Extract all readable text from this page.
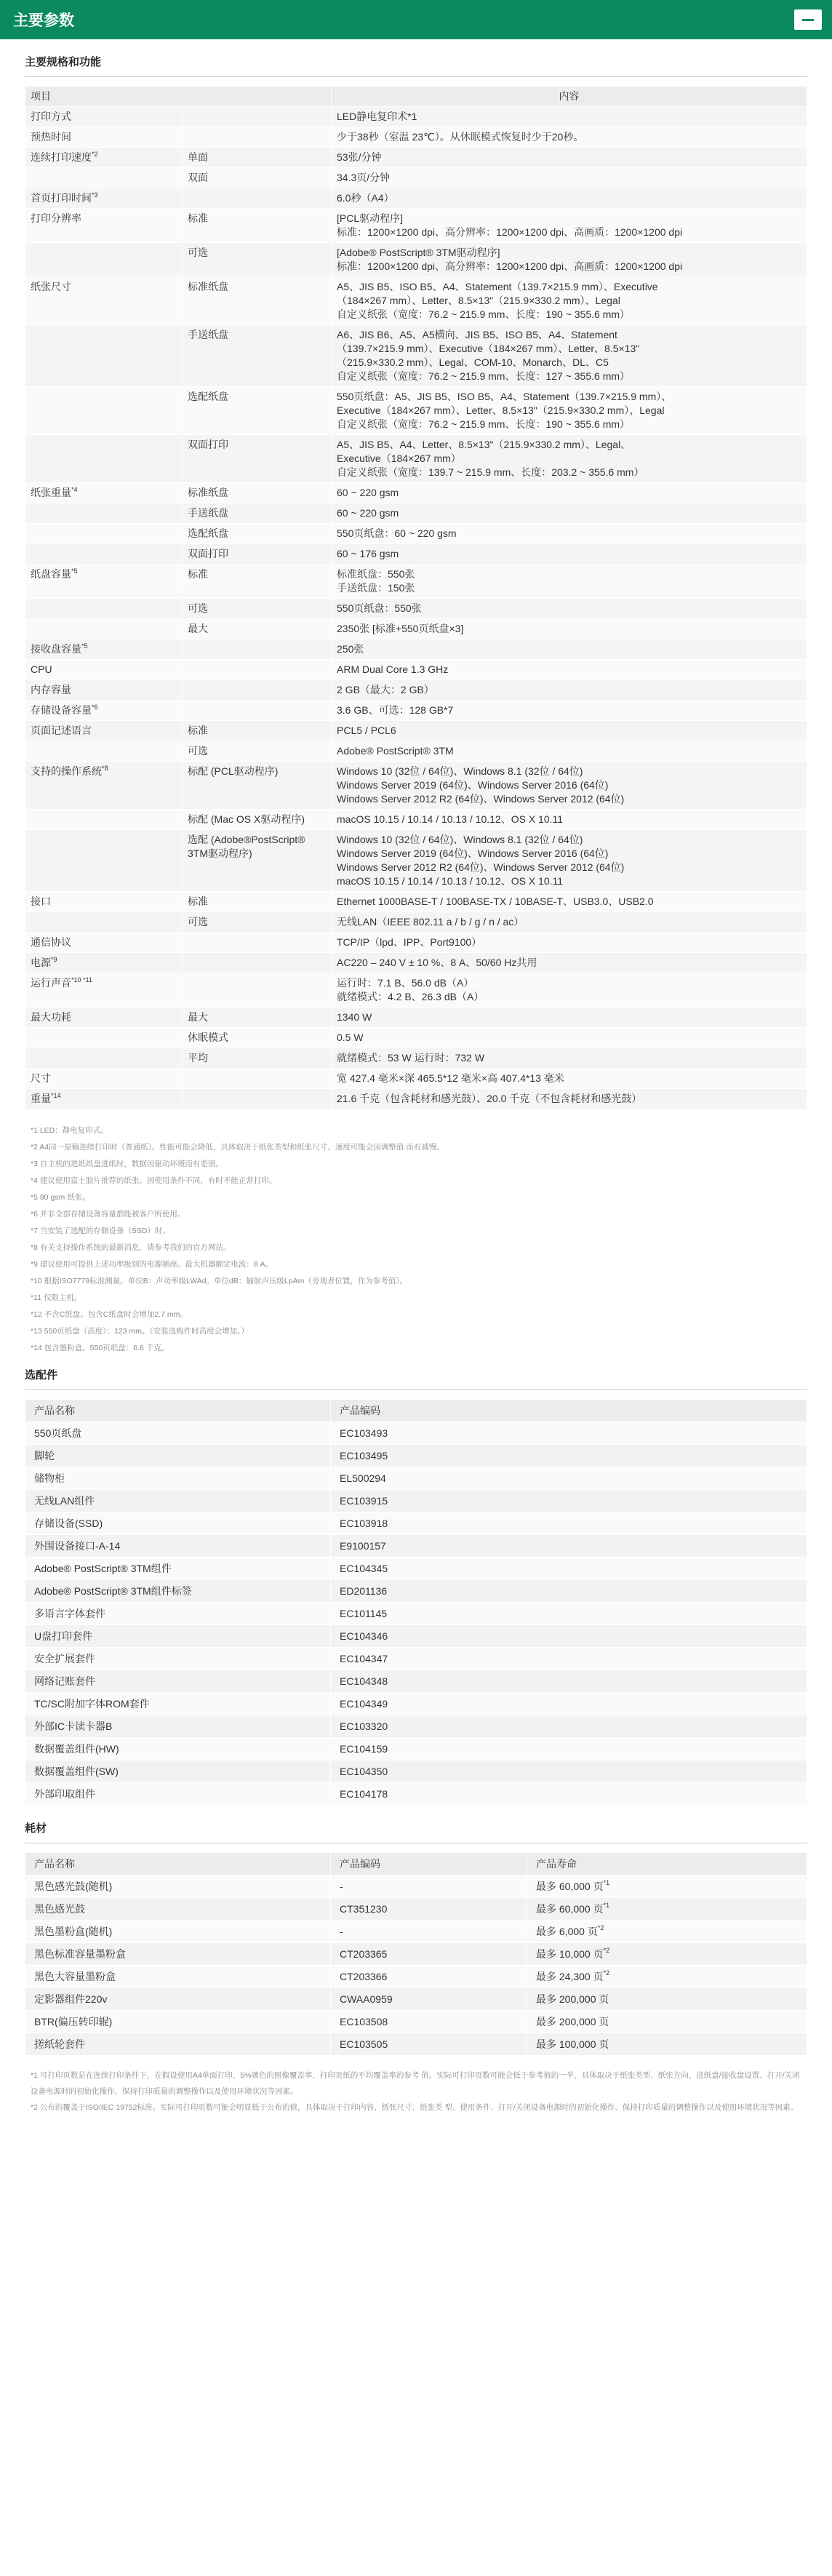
主要参数
主要规格和功能
项目		内容
打印方式		LED静电复印术*1

预热时间		少于38秒（室温 23℃）。从休眠模式恢复时少于20秒。

连续打印速度$^{*2}$	单面	53张/分钟

	双面	34.3页/分钟

首页打印时间$^{*3}$		6.0秒（A4）

打印分辨率	标准	[PCL驱动程序]
标准：1200×1200 dpi、高分辨率：1200×1200 dpi、高画质：1200×1200 dpi

	可选	[Adobe® PostScript® 3TM驱动程序]
标准：1200×1200 dpi、高分辨率：1200×1200 dpi、高画质：1200×1200 dpi

纸张尺寸	标准纸盘	A5、JIS B5、ISO B5、A4、Statement（139.7×215.9 mm）、Executive
（184×267 mm）、Letter、8.5×13"（215.9×330.2 mm）、Legal
自定义纸张（宽度：76.2 ~ 215.9 mm、长度：190 ~ 355.6 mm）

	手送纸盘	A6、JIS B6、A5、A5横向、JIS B5、ISO B5、A4、Statement
（139.7×215.9 mm）、Executive（184×267 mm）、Letter、8.5×13"
（215.9×330.2 mm）、Legal、COM-10、Monarch、DL、C5
自定义纸张（宽度：76.2 ~ 215.9 mm、长度：127 ~ 355.6 mm）

	选配纸盘	550页纸盘：A5、JIS B5、ISO B5、A4、Statement（139.7×215.9 mm）、
Executive（184×267 mm）、Letter、8.5×13"（215.9×330.2 mm）、Legal
自定义纸张（宽度：76.2 ~ 215.9 mm、长度：190 ~ 355.6 mm）

	双面打印	A5、JIS B5、A4、Letter、8.5×13"（215.9×330.2 mm）、Legal、
Executive（184×267 mm）
自定义纸张（宽度：139.7 ~ 215.9 mm、长度：203.2 ~ 355.6 mm）

纸张重量$^{*4}$	标准纸盘	60 ~ 220 gsm

	手送纸盘	60 ~ 220 gsm

	选配纸盘	550页纸盘：60 ~ 220 gsm

	双面打印	60 ~ 176 gsm

纸盘容量$^{*5}$	标准	标准纸盘：550张
手送纸盘：150张

	可选	550页纸盘：550张

	最大	2350张 [标准+550页纸盘×3]

接收盘容量$^{*5}$		250张

CPU		ARM Dual Core 1.3 GHz

内存容量		2 GB（最大：2 GB）

存储设备容量$^{*6}$		3.6 GB、可选：128 GB*7

页面记述语言	标准	PCL5 / PCL6

	可选	Adobe® PostScript® 3TM

支持的操作系统$^{*8}$	标配 (PCL驱动程序)	Windows 10 (32位 / 64位)、Windows 8.1 (32位 / 64位)
Windows Server 2019 (64位)、Windows Server 2016 (64位)
Windows Server 2012 R2 (64位)、Windows Server 2012 (64位)

	标配 (Mac OS X驱动程序)	macOS 10.15 / 10.14 / 10.13 / 10.12、OS X 10.11

	选配 (Adobe®PostScript® 3TM驱动程序)	Windows 10 (32位 / 64位)、Windows 8.1 (32位 / 64位)
Windows Server 2019 (64位)、Windows Server 2016 (64位)
Windows Server 2012 R2 (64位)、Windows Server 2012 (64位)
macOS 10.15 / 10.14 / 10.13 / 10.12、OS X 10.11

接口	标准	Ethernet 1000BASE-T / 100BASE-TX / 10BASE-T、USB3.0、USB2.0

	可选	无线LAN（IEEE 802.11 a / b / g / n / ac）

通信协议		TCP/IP（lpd、IPP、Port9100）

电源$^{*9}$		AC220 – 240 V ± 10 %、8 A、50/60 Hz共用

运行声音$^{*10 *11}$		运行时：7.1 B、56.0 dB（A）
就绪模式：4.2 B、26.3 dB（A）

最大功耗	最大	1340 W

	休眠模式	0.5 W

	平均	就绪模式：53 W 运行时：732 W

尺寸		宽 427.4 毫米×深 465.5*12 毫米×高 407.4*13 毫米

重量$^{*14}$		21.6 千克（包含耗材和感光鼓）、20.0 千克（不包含耗材和感光鼓）
*1 LED：静电复印式。
*2 A4同一原稿连续打印时（普通纸）。性能可能会降低，具体取决于纸张类型和纸张尺寸、速度可能会因调整值 而有减慢。
*3 自主机的进纸纸盘进纸时，数据因驱动环境而有差别。
*4 建议使用富士胶片推荐的纸张。因使用条件不同，有时不能正常打印。
*5 80 gsm 纸张。
*6 并非全部存储设备容量都能被客户所使用。
*7 当安装了选配的存储设备（SSD）时。
*8 有关支持操作系统的最新消息，请参考我们的官方网站。
*9 建议使用可提供上述功率级别的电源插座。最大机器额定电流：8 A。
*10 根据ISO7779标准测量。单位B：声功率级LWAd。单位dB：辐射声压级LpAm（旁观者位置，作为参考值）。
*11 仅限主机。
*12 不含C纸盘。包含C纸盘时会增加2.7 mm。
*13 550页纸盘（高度）：123 mm。（安装选购件时高度会增加。）
*14 包含墨粉盒。550页纸盘：6.6 千克。
选配件
产品名称	产品编码
550页纸盘	EC103493
脚轮	EC103495
储物柜	EL500294
无线LAN组件	EC103915
存储设备(SSD)	EC103918
外围设备接口-A-14	E9100157
Adobe® PostScript® 3TM组件	EC104345
Adobe® PostScript® 3TM组件标签	ED201136
多语言字体套件	EC101145
U盘打印套件	EC104346
安全扩展套件	EC104347
网络记账套件	EC104348
TC/SC附加字体ROM套件	EC104349
外部IC卡读卡器B	EC103320
数据覆盖组件(HW)	EC104159
数据覆盖组件(SW)	EC104350
外部印取组件	EC104178
耗材
产品名称	产品编码	产品寿命
黑色感光鼓(随机)	-	最多 60,000 页$^{*1}$
黑色感光鼓	CT351230	最多 60,000 页$^{*1}$
黑色墨粉盒(随机)	-	最多 6,000 页$^{*2}$
黑色标准容量墨粉盒	CT203365	最多 10,000 页$^{*2}$
黑色大容量墨粉盒	CT203366	最多 24,300 页$^{*2}$
定影器组件220v	CWAA0959	最多 200,000 页
BTR(偏压转印辊)	EC103508	最多 200,000 页
搓纸轮套件	EC103505	最多 100,000 页
*1 可打印页数是在连续打印条件下，在假设使用A4单面打印、5%颜色的图像覆盖率、打印页纸的平均覆盖率的参考 值。实际可打印页数可能会低于参考值的一半，具体取决于纸张类型、纸张方向、进纸盘/接收盘设置、打开/关闭设备电源时的初始化操作、保持打印质量的调整操作以及使用环境状况等因素。
*2 公布的覆盖于ISO/IEC 19752标准。实际可打印页数可能会明显低于公布的值，具体取决于打印内容、纸张尺寸、纸张类 型、使用条件、打开/关闭设备电源时的初始化操作、保持打印质量的调整操作以及使用环境状况等因素。
